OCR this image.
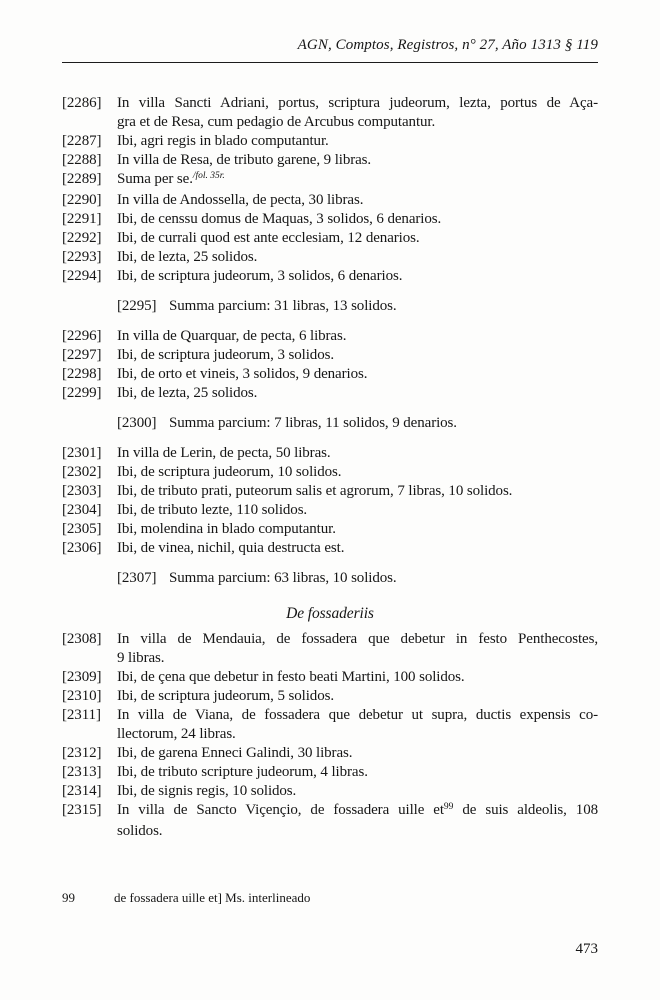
AGN, Comptos, Registros, n° 27, Año 1313 § 119
[2286]	In villa Sancti Adriani, portus, scriptura judeorum, lezta, portus de Aça-
gra et de Resa, cum pedagio de Arcubus computantur.
[2287]	Ibi, agri regis in blado computantur.
[2288]	In villa de Resa, de tributo garene, 9 libras.
[2289]	Suma per se.$^{/fol. 35r.}$
[2290]	In villa de Andossella, de pecta, 30 libras.
[2291]	Ibi, de censsu domus de Maquas, 3 solidos, 6 denarios.
[2292]	Ibi, de currali quod est ante ecclesiam, 12 denarios.
[2293]	Ibi, de lezta, 25 solidos.
[2294]	Ibi, de scriptura judeorum, 3 solidos, 6 denarios.
[2295] Summa parcium: 31 libras, 13 solidos.
[2296]	In villa de Quarquar, de pecta, 6 libras.
[2297]	Ibi, de scriptura judeorum, 3 solidos.
[2298]	Ibi, de orto et vineis, 3 solidos, 9 denarios.
[2299]	Ibi, de lezta, 25 solidos.
[2300] Summa parcium: 7 libras, 11 solidos, 9 denarios.
[2301]	In villa de Lerin, de pecta, 50 libras.
[2302]	Ibi, de scriptura judeorum, 10 solidos.
[2303]	Ibi, de tributo prati, puteorum salis et agrorum, 7 libras, 10 solidos.
[2304]	Ibi, de tributo lezte, 110 solidos.
[2305]	Ibi, molendina in blado computantur.
[2306]	Ibi, de vinea, nichil, quia destructa est.
[2307] Summa parcium: 63 libras, 10 solidos.
De fossaderiis
[2308]	In villa de Mendauia, de fossadera que debetur in festo Penthecostes,
9 libras.
[2309]	Ibi, de çena que debetur in festo beati Martini, 100 solidos.
[2310]	Ibi, de scriptura judeorum, 5 solidos.
[2311]	In villa de Viana, de fossadera que debetur ut supra, ductis expensis co-
llectorum, 24 libras.
[2312]	Ibi, de garena Enneci Galindi, 30 libras.
[2313]	Ibi, de tributo scripture judeorum, 4 libras.
[2314]	Ibi, de signis regis, 10 solidos.
[2315]	In villa de Sancto Viçençio, de fossadera uille $et^{99}$ de suis aldeolis, 108
solidos.
99	de fossadera uille et] Ms. interlineado
473
